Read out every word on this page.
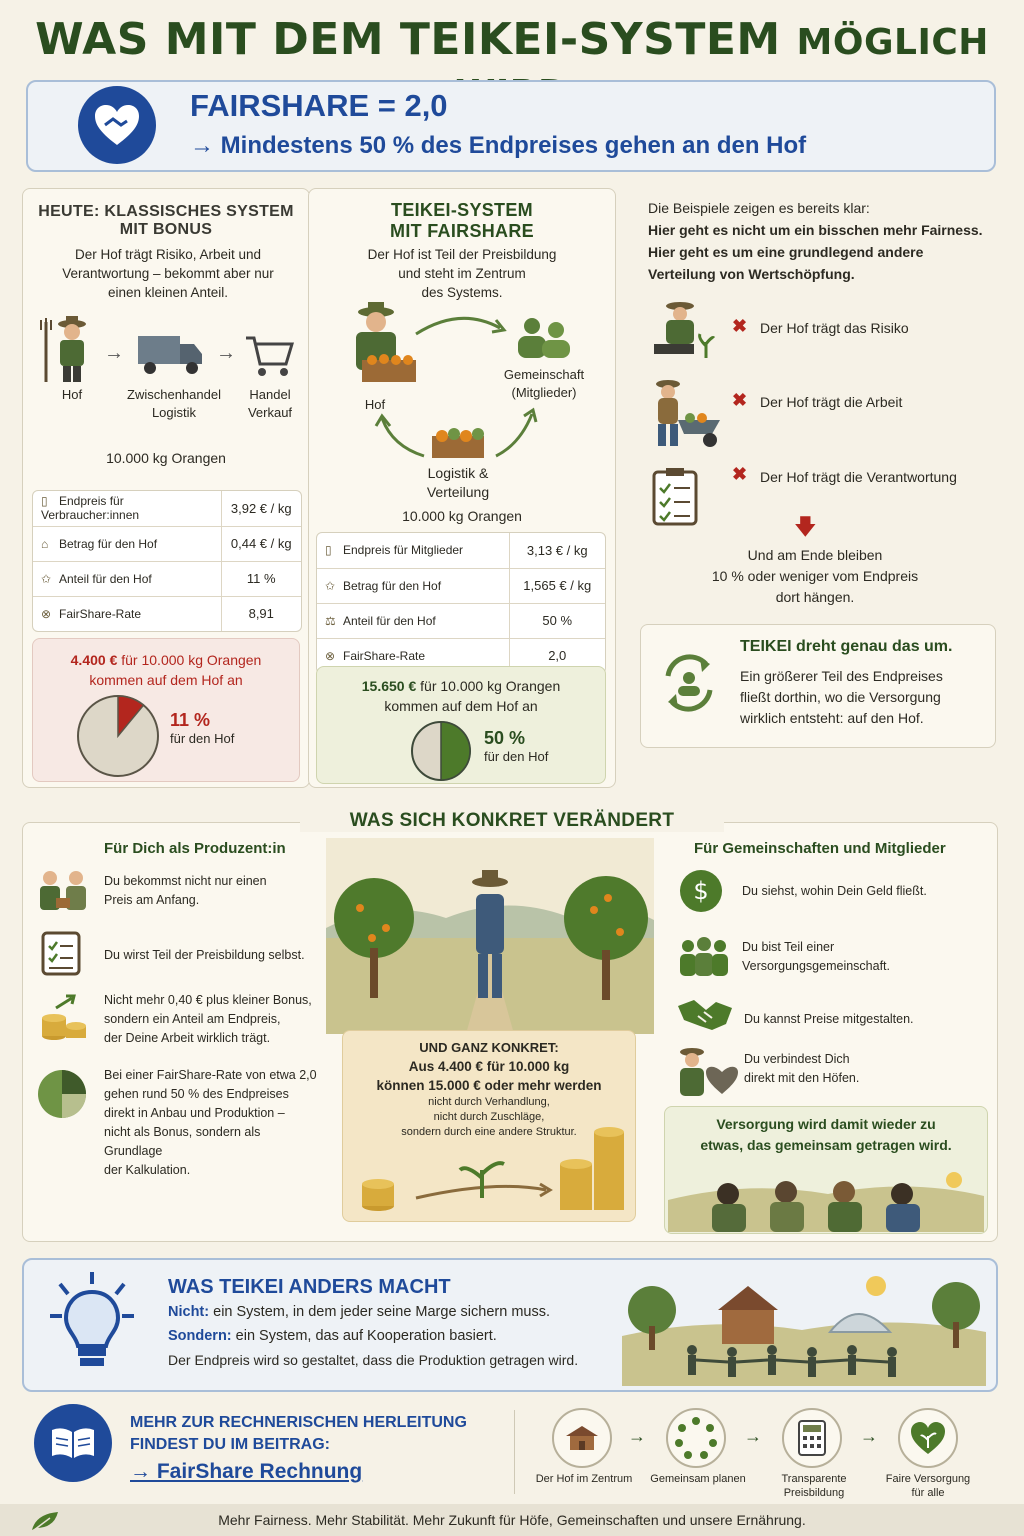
WAS MIT DEM TEIKEI-SYSTEM MÖGLICH
FAIRSHARE = 2,0
→ Mindestens 50 % des Endpreises gehen an den Hof
HEUTE: KLASSISCHES SYSTEM
MIT BONUS
Der Hof trägt Risiko, Arbeit und Verantwortung – bekommt aber nur einen kleinen Anteil.
→	→
Hof	Zwischenhandel
Logistik
Handel
Verkauf
10.000 kg Orangen
▯ Endpreis für Verbraucher:innen	3,92 € / kg
⌂ Betrag für den Hof	0,44 € / kg
✩ Anteil für den Hof	11 %
⊗ FairShare-Rate	8,91
4.400 € für 10.000 kg Orangen
kommen auf dem Hof an
11 %
für den Hof
TEIKEI-SYSTEM
MIT FAIRSHARE
Der Hof ist Teil der Preisbildung
und steht im Zentrum
des Systems.
Hof
Gemeinschaft
(Mitglieder)
Logistik &
Verteilung
10.000 kg Orangen
▯ Endpreis für Mitglieder	3,13 € / kg
✩ Betrag für den Hof	1,565 € / kg
⚖ Anteil für den Hof	50 %
⊗ FairShare-Rate	2,0
15.650 € für 10.000 kg Orangen
kommen auf dem Hof an
50 %
für den Hof
Die Beispiele zeigen es bereits klar:
Hier geht es nicht um ein bisschen mehr Fairness.
Hier geht es um eine grundlegend andere
Verteilung von Wertschöpfung.
✖ Der Hof trägt das Risiko
✖ Der Hof trägt die Arbeit
✖ Der Hof trägt die Verantwortung
🡇
Und am Ende bleiben
10 % oder weniger vom Endpreis
dort hängen.
TEIKEI dreht genau das um.
Ein größerer Teil des Endpreises
fließt dorthin, wo die Versorgung
wirklich entsteht: auf den Hof.
WAS SICH KONKRET VERÄNDERT
Für Dich als Produzent:in
Du bekommst nicht nur einen
Preis am Anfang.
Du wirst Teil der Preisbildung selbst.
Nicht mehr 0,40 € plus kleiner Bonus,
sondern ein Anteil am Endpreis,
der Deine Arbeit wirklich trägt.
Bei einer FairShare-Rate von etwa 2,0
gehen rund 50 % des Endpreises
direkt in Anbau und Produktion –
nicht als Bonus, sondern als Grundlage
der Kalkulation.
UND GANZ KONKRET:
Aus 4.400 € für 10.000 kg
können 15.000 € oder mehr werden
nicht durch Verhandlung,
nicht durch Zuschläge,
sondern durch eine andere Struktur.
Für Gemeinschaften und Mitglieder
$	Du siehst, wohin Dein Geld fließt.
Du bist Teil einer
Versorgungsgemeinschaft.
Du kannst Preise mitgestalten.
Du verbindest Dich
direkt mit den Höfen.
Versorgung wird damit wieder zu
etwas, das gemeinsam getragen wird.
WAS TEIKEI ANDERS MACHT
Nicht: ein System, in dem jeder seine Marge sichern muss.
Sondern: ein System, das auf Kooperation basiert.
Der Endpreis wird so gestaltet, dass die Produktion getragen wird.
MEHR ZUR RECHNERISCHEN HERLEITUNG
FINDEST DU IM BEITRAG:
→ FairShare Rechnung
→	→	→
Der Hof im Zentrum	Gemeinsam planen	Transparente
Preisbildung
Faire Versorgung
für alle
Mehr Fairness. Mehr Stabilität. Mehr Zukunft für Höfe, Gemeinschaften und unsere Ernährung.
